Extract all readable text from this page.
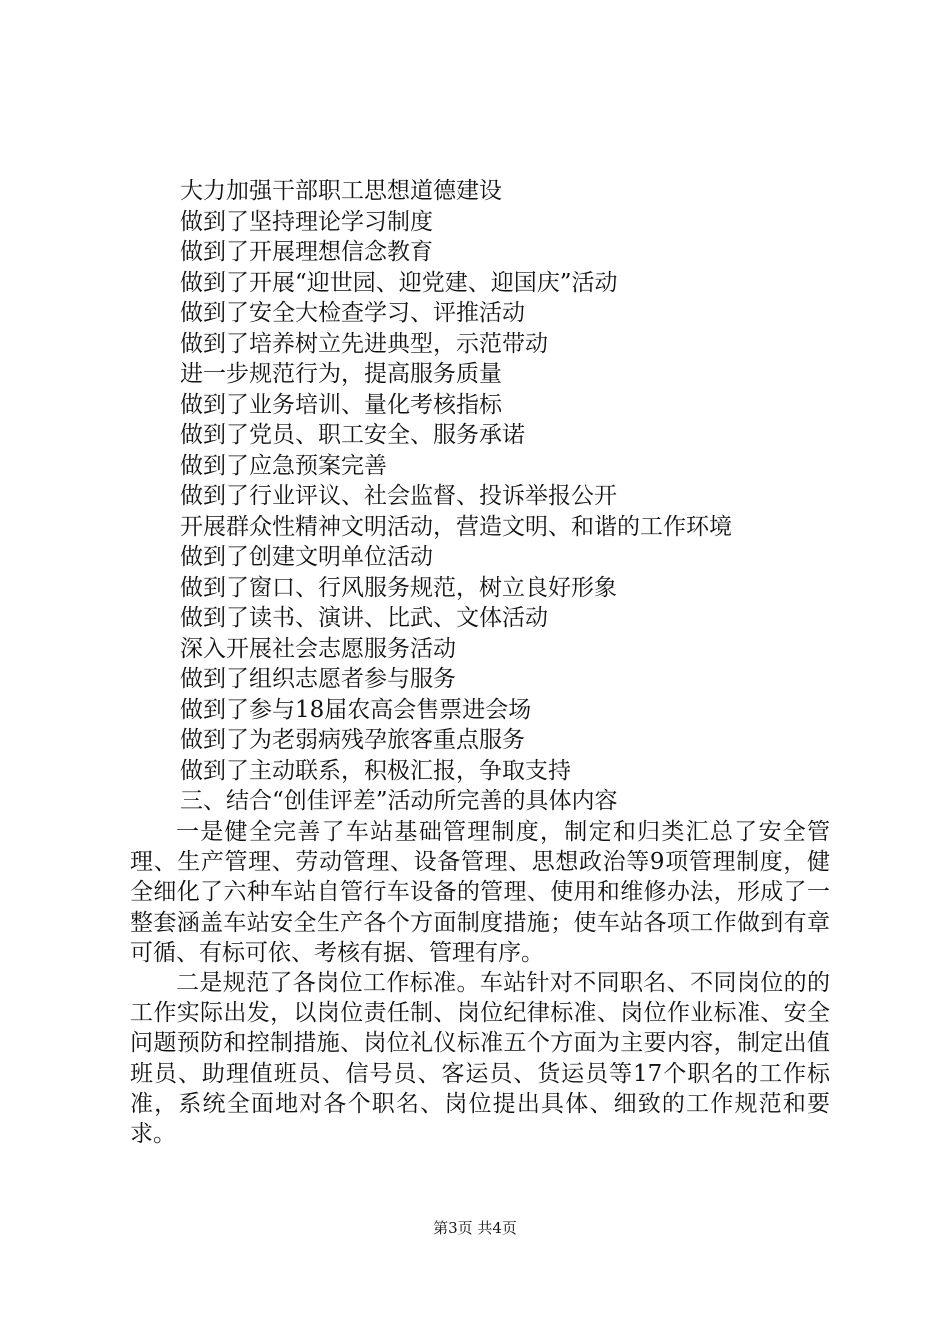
大力加强干部职工思想道德建设
做到了坚持理论学习制度
做到了开展理想信念教育
做到了开展“迎世园、迎党建、迎国庆”活动
做到了安全大检查学习、评推活动
做到了培养树立先进典型，示范带动
进一步规范行为，提高服务质量
做到了业务培训、量化考核指标
做到了党员、职工安全、服务承诺
做到了应急预案完善
做到了行业评议、社会监督、投诉举报公开
开展群众性精神文明活动，营造文明、和谐的工作环境
做到了创建文明单位活动
做到了窗口、行风服务规范，树立良好形象
做到了读书、演讲、比武、文体活动
深入开展社会志愿服务活动
做到了组织志愿者参与服务
做到了参与18届农高会售票进会场
做到了为老弱病残孕旅客重点服务
做到了主动联系，积极汇报，争取支持
三、结合“创佳评差”活动所完善的具体内容

一是健全完善了车站基础管理制度，制定和归类汇总了安全管理、生产管理、劳动管理、设备管理、思想政治等9项管理制度，健全细化了六种车站自管行车设备的管理、使用和维修办法，形成了一整套涵盖车站安全生产各个方面制度措施；使车站各项工作做到有章可循、有标可依、考核有据、管理有序。

二是规范了各岗位工作标准。车站针对不同职名、不同岗位的的工作实际出发，以岗位责任制、岗位纪律标准、岗位作业标准、安全问题预防和控制措施、岗位礼仪标准五个方面为主要内容，制定出值班员、助理值班员、信号员、客运员、货运员等17个职名的工作标准，系统全面地对各个职名、岗位提出具体、细致的工作规范和要求。

第3页 共4页
